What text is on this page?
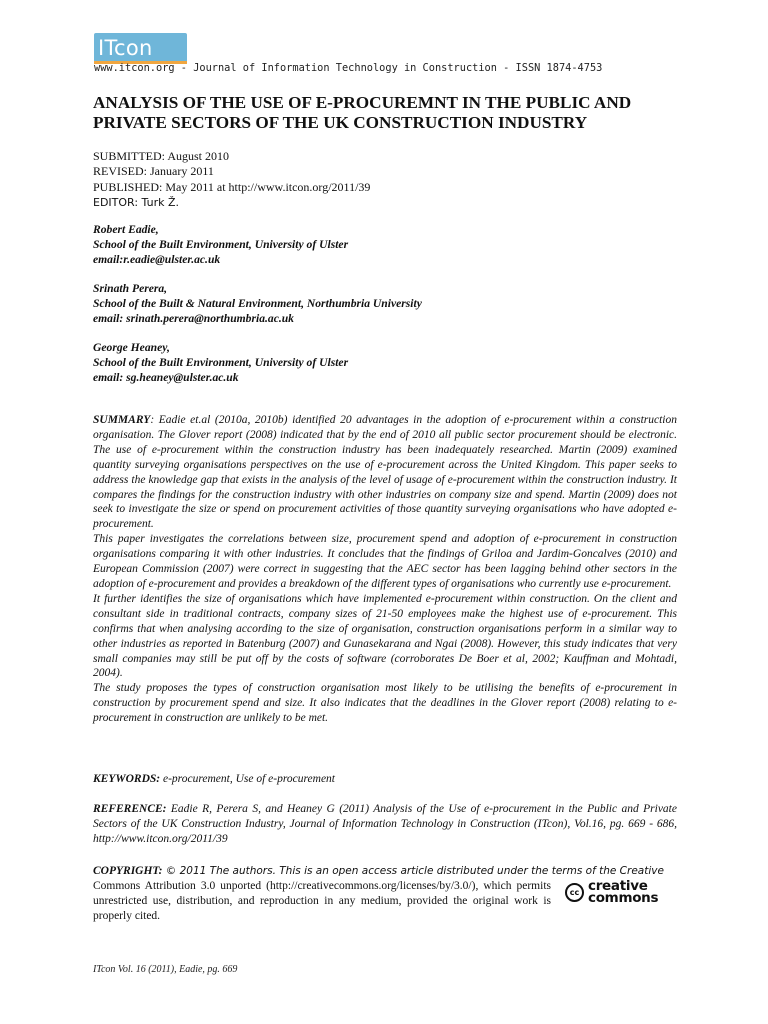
ITcon
www.itcon.org - Journal of Information Technology in Construction - ISSN 1874-4753
ANALYSIS OF THE USE OF E-PROCUREMNT IN THE PUBLIC AND
PRIVATE SECTORS OF THE UK CONSTRUCTION INDUSTRY
SUBMITTED: August 2010
REVISED: January 2011
PUBLISHED: May 2011 at http://www.itcon.org/2011/39
EDITOR: Turk Ž.
Robert Eadie,
School of the Built Environment, University of Ulster
email:r.eadie@ulster.ac.uk
Srinath Perera,
School of the Built & Natural Environment, Northumbria University
email: srinath.perera@northumbria.ac.uk
George Heaney,
School of the Built Environment, University of Ulster
email: sg.heaney@ulster.ac.uk

SUMMARY: Eadie et.al (2010a, 2010b) identified 20 advantages in the adoption of e-procurement within a construction organisation. The Glover report (2008) indicated that by the end of 2010 all public sector procurement should be electronic. The use of e-procurement within the construction industry has been inadequately researched. Martin (2009) examined quantity surveying organisations perspectives on the use of e-procurement across the United Kingdom. This paper seeks to address the knowledge gap that exists in the analysis of the level of usage of e-procurement within the construction industry. It compares the findings for the construction industry with other industries on company size and spend. Martin (2009) does not seek to investigate the size or spend on procurement activities of those quantity surveying organisations who have adopted e-procurement.

This paper investigates the correlations between size, procurement spend and adoption of e-procurement in construction organisations comparing it with other industries. It concludes that the findings of Griloa and Jardim-Goncalves (2010) and European Commission (2007) were correct in suggesting that the AEC sector has been lagging behind other sectors in the adoption of e-procurement and provides a breakdown of the different types of organisations who currently use e-procurement.

It further identifies the size of organisations which have implemented e-procurement within construction. On the client and consultant side in traditional contracts, company sizes of 21-50 employees make the highest use of e-procurement. This confirms that when analysing according to the size of organisation, construction organisations perform in a similar way to other industries as reported in Batenburg (2007) and Gunasekarana and Ngai (2008). However, this study indicates that very small companies may still be put off by the costs of software (corroborates De Boer et al, 2002; Kauffman and Mohtadi, 2004).

The study proposes the types of construction organisation most likely to be utilising the benefits of e-procurement in construction by procurement spend and size. It also indicates that the deadlines in the Glover report (2008) relating to e-procurement in construction are unlikely to be met.

KEYWORDS: e-procurement, Use of e-procurement
REFERENCE: Eadie R, Perera S, and Heaney G (2011) Analysis of the Use of e-procurement in the Public and Private Sectors of the UK Construction Industry, Journal of Information Technology in Construction (ITcon), Vol.16, pg. 669 - 686, http://www.itcon.org/2011/39
COPYRIGHT: © 2011 The authors. This is an open access article distributed under the terms of the Creative
Commons Attribution 3.0 unported (http://creativecommons.org/licenses/by/3.0/), which permits unrestricted use, distribution, and reproduction in any medium, provided the original work is properly cited.
cc creative
commons
ITcon Vol. 16 (2011), Eadie, pg. 669
